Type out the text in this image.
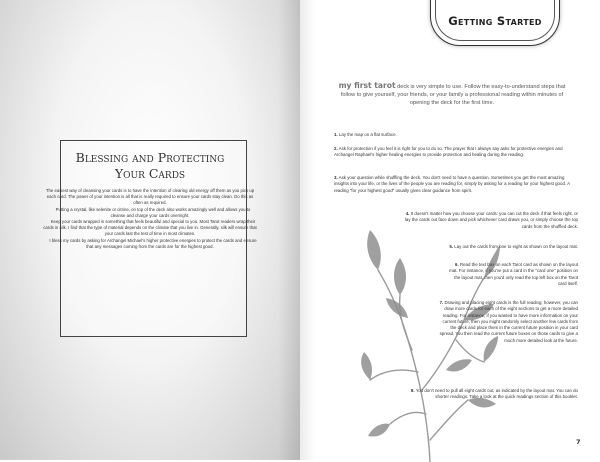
Blessing and Protecting
Your Cards

The easiest way of cleansing your cards is to have the intention of clearing old energy off them as you pick up each card. The power of your intention is all that is really required to ensure your cards stay clean. Do this as often as required.

Putting a crystal, like selenite or citrine, on top of the deck also works amazingly well and allows you to cleanse and charge your cards overnight.

Keep your cards wrapped in something that feels beautiful and special to you. Most Tarot readers wrap their cards in silk. I find that the type of material depends on the climate that you live in. Generally, silk will ensure that your cards last the test of time in most climates.

I bless my cards by asking for Archangel Michael's higher protective energies to protect the cards and ensure that any messages coming from the cards are for the highest good.

Getting Started
my first tarot deck is very simple to use. Follow the easy-to-understand steps that follow to give yourself, your friends, or your family a professional reading within minutes of opening the deck for the first time.
1. Lay the map on a flat surface.
2. Ask for protection if you feel it is right for you to do so. The prayer that I always say asks for protective energies and Archangel Raphael's higher healing energies to provide protection and healing during the reading.
3. Ask your question while shuffling the deck. You don't need to have a question. Sometimes you get the most amazing insights into your life, or the lives of the people you are reading for, simply by asking for a reading for your highest good. A reading "for your highest good" usually gives clear guidance from spirit.
4. It doesn't matter how you choose your cards: you can cut the deck if that feels right, or lay the cards out face down and pick whichever card draws you, or simply choose the top cards from the shuffled deck.
5. Lay out the cards from one to eight as shown on the layout mat.
6. Read the text box on each Tarot card as shown on the layout mat. For instance, if you've put a card in the "card one" position on the layout mat, then you'd only read the top left box on the Tarot card itself.
7. Drawing and placing eight cards is the full reading; however, you can draw more cards for each of the eight sections to get a more detailed reading. For instance, if you wanted to have more information on your current future, then you might randomly select another few cards from the deck and place them in the current future position in your card spread. You then read the current future boxes on those cards to give a much more detailed look at the future.
8. You don't need to pull all eight cards out, as indicated by the layout mat. You can do shorter readings. Take a look at the quick readings section of this booklet.
7
